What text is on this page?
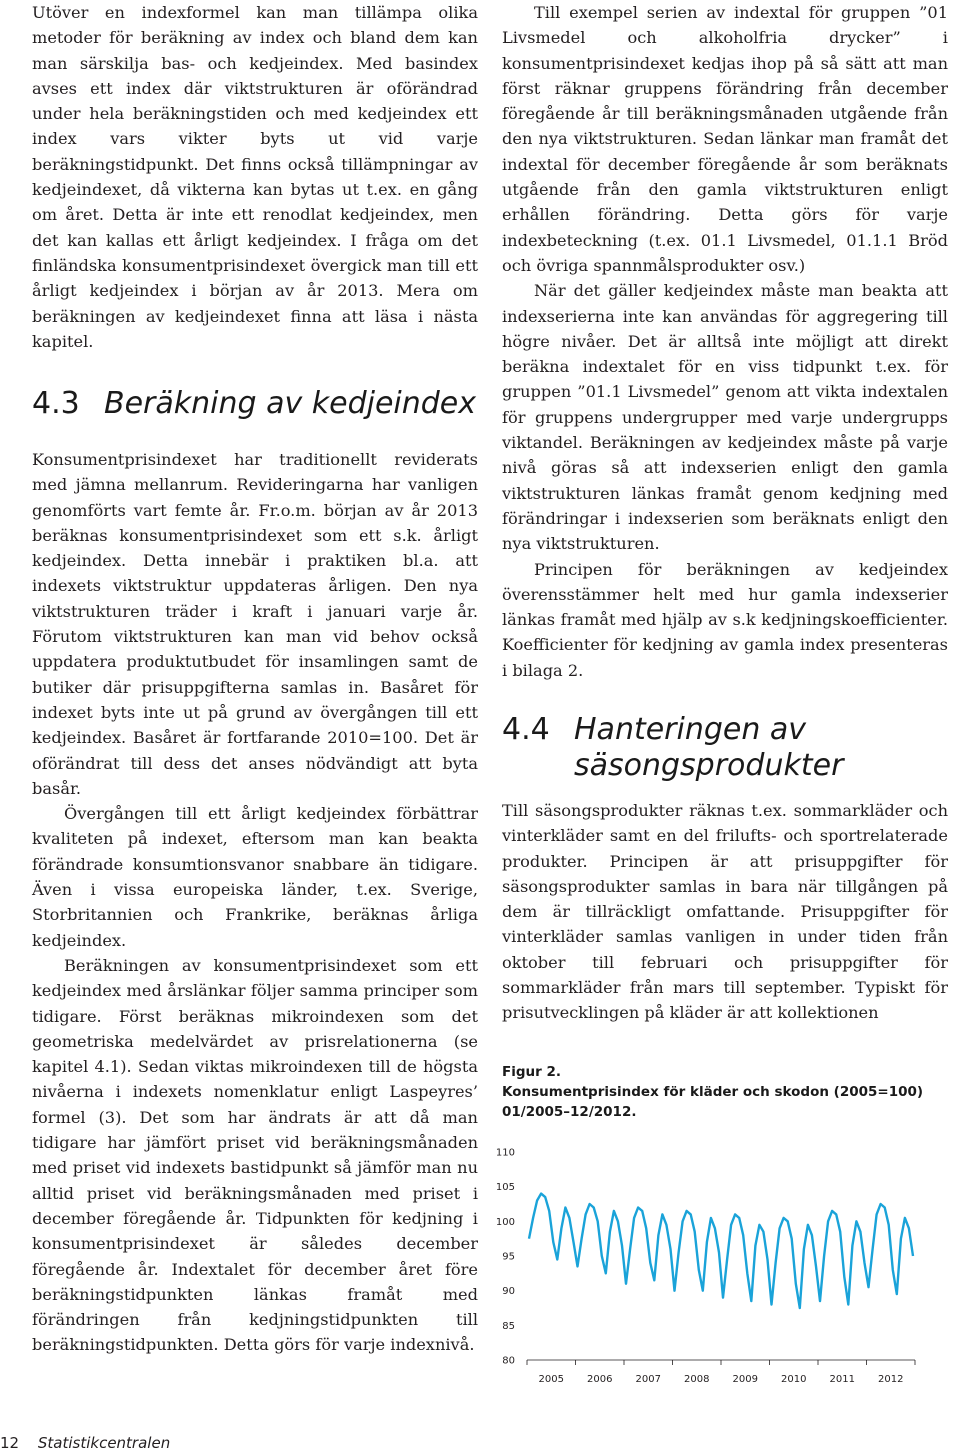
Utöver en indexformel kan man tillämpa olika metoder för beräkning av index och bland dem kan man särskilja bas- och kedjeindex. Med basindex avses ett index där viktstrukturen är oförändrad under hela beräkningstiden och med kedjeindex ett index vars vikter byts ut vid varje beräkningstidpunkt. Det finns också tillämpningar av kedjeindexet, då vikterna kan bytas ut t.ex. en gång om året. Detta är inte ett renodlat kedjeindex, men det kan kallas ett årligt kedjeindex. I fråga om det finländska konsumentprisindexet övergick man till ett årligt kedjeindex i början av år 2013. Mera om beräkningen av kedjeindexet finna att läsa i nästa kapitel.

4.3 Beräkning av kedjeindex

Konsumentprisindexet har traditionellt reviderats med jämna mellanrum. Revideringarna har vanligen genomförts vart femte år. Fr.o.m. början av år 2013 beräknas konsumentprisindexet som ett s.k. årligt kedjeindex. Detta innebär i praktiken bl.a. att indexets viktstruktur uppdateras årligen. Den nya viktstrukturen träder i kraft i januari varje år. Förutom viktstrukturen kan man vid behov också uppdatera produktutbudet för insamlingen samt de butiker där prisuppgifterna samlas in. Basåret för indexet byts inte ut på grund av övergången till ett kedjeindex. Basåret är fortfarande 2010=100. Det är oförändrat till dess det anses nödvändigt att byta basår.

Övergången till ett årligt kedjeindex förbättrar kvaliteten på indexet, eftersom man kan beakta förändrade konsumtionsvanor snabbare än tidigare. Även i vissa europeiska länder, t.ex. Sverige, Storbritannien och Frankrike, beräknas årliga kedjeindex.

Beräkningen av konsumentprisindexet som ett kedjeindex med årslänkar följer samma principer som tidigare. Först beräknas mikroindexen som det geometriska medelvärdet av prisrelationerna (se kapitel 4.1). Sedan viktas mikroindexen till de högsta nivåerna i indexets nomenklatur enligt Laspeyres’ formel (3). Det som har ändrats är att då man tidigare har jämfört priset vid beräkningsmånaden med priset vid indexets bastidpunkt så jämför man nu alltid priset vid beräkningsmånaden med priset i december föregående år. Tidpunkten för kedjning i konsumentprisindexet är således december föregående år. Indextalet för december året före beräkningstidpunkten länkas framåt med förändringen från kedjningstidpunkten till beräkningstidpunkten. Detta görs för varje indexnivå.

Till exempel serien av indextal för gruppen ”01 Livsmedel och alkoholfria drycker” i konsumentprisindexet kedjas ihop på så sätt att man först räknar gruppens förändring från december föregående år till beräkningsmånaden utgående från den nya viktstrukturen. Sedan länkar man framåt det indextal för december föregående år som beräknats utgående från den gamla viktstrukturen enligt erhållen förändring. Detta görs för varje indexbeteckning (t.ex. 01.1 Livsmedel, 01.1.1 Bröd och övriga spannmålsprodukter osv.)

När det gäller kedjeindex måste man beakta att indexserierna inte kan användas för aggregering till högre nivåer. Det är alltså inte möjligt att direkt beräkna indextalet för en viss tidpunkt t.ex. för gruppen ”01.1 Livsmedel” genom att vikta indextalen för gruppens undergrupper med varje undergrupps viktandel. Beräkningen av kedjeindex måste på varje nivå göras så att indexserien enligt den gamla viktstrukturen länkas framåt genom kedjning med förändringar i indexserien som beräknats enligt den nya viktstrukturen.

Principen för beräkningen av kedjeindex överensstämmer helt med hur gamla indexserier länkas framåt med hjälp av s.k kedjningskoefficienter. Koefficienter för kedjning av gamla index presenteras i bilaga 2.

4.4 Hanteringen av
säsongsprodukter

Till säsongsprodukter räknas t.ex. sommarkläder och vinterkläder samt en del frilufts- och sportrelaterade produkter. Principen är att prisuppgifter för säsongsprodukter samlas in bara när tillgången på dem är tillräckligt omfattande. Prisuppgifter för vinterkläder samlas vanligen in under tiden från oktober till februari och prisuppgifter för sommarkläder från mars till september. Typiskt för prisutvecklingen på kläder är att kollektionen

Figur 2.
Konsumentprisindex för kläder och skodon (2005=100) 01/2005–12/2012.
110
105
100
95
90
85
80
2005 2006 2007 2008 2009 2010 2011 2012
12 Statistikcentralen
